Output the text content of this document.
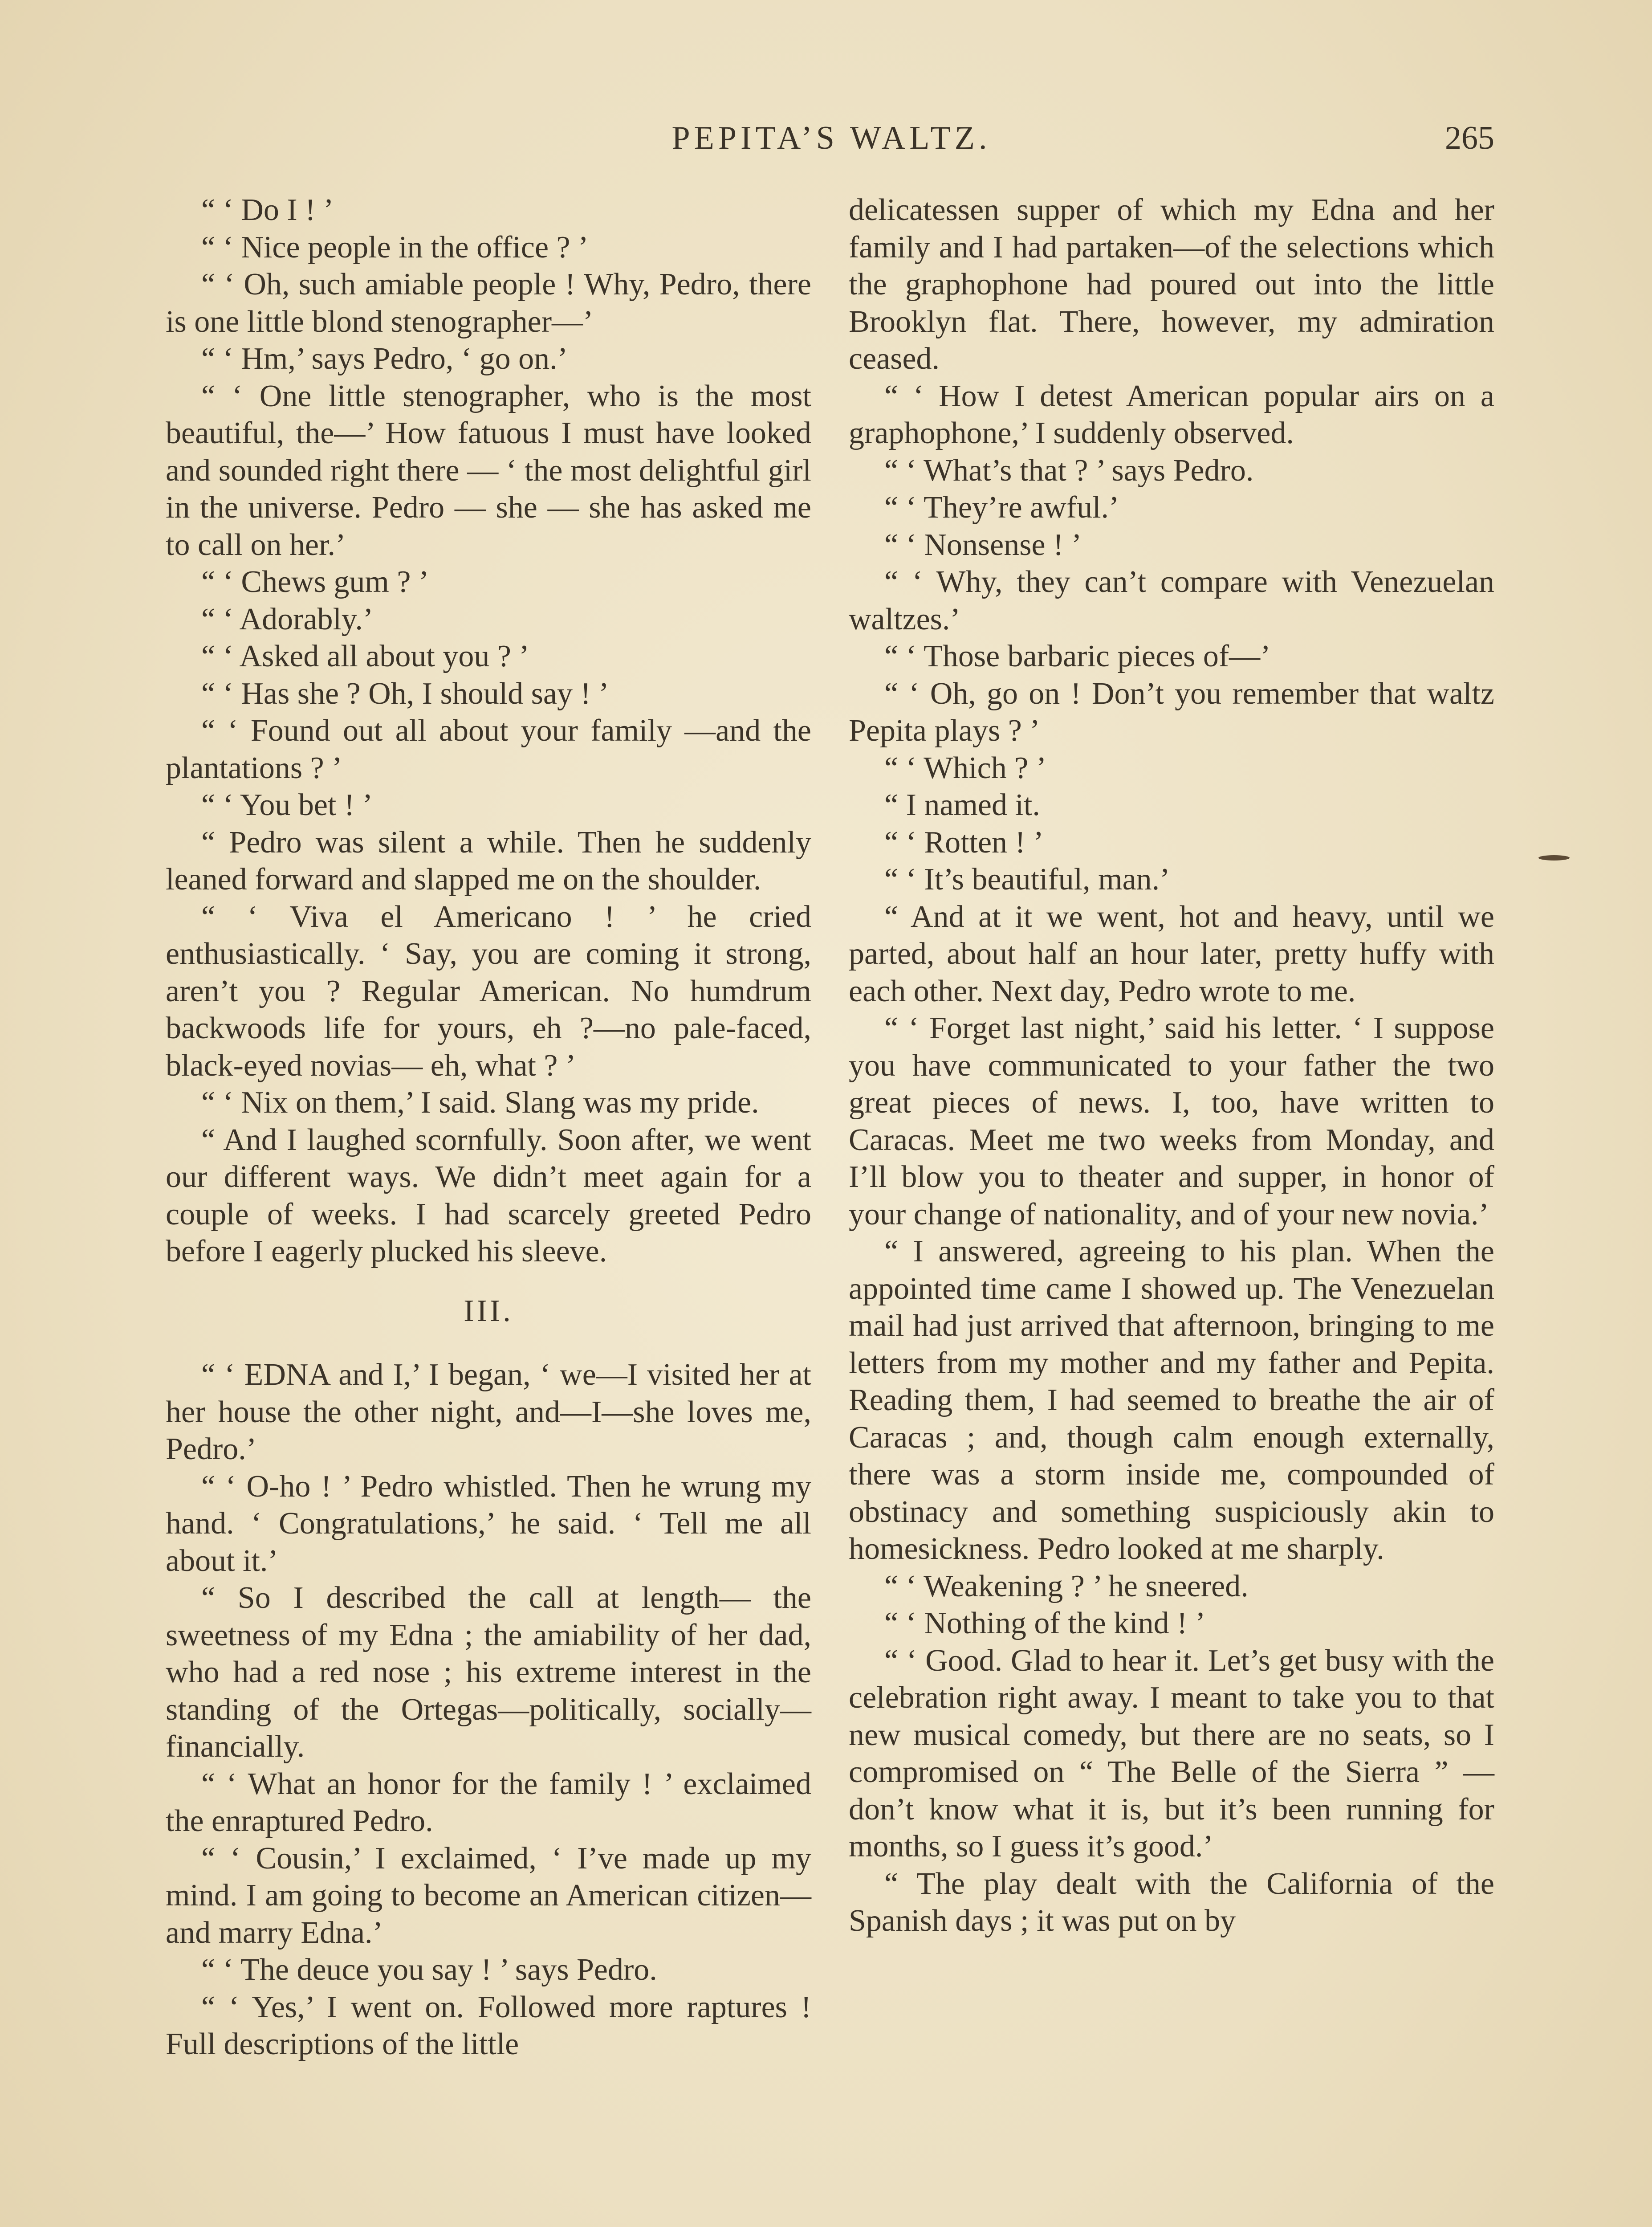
PEPITA’S WALTZ.	265

“ ‘ Do I ! ’

“ ‘ Nice people in the office ? ’

“ ‘ Oh, such amiable people ! Why, Pedro, there is one little blond stenographer—’

“ ‘ Hm,’ says Pedro, ‘ go on.’

“ ‘ One little stenographer, who is the most beautiful, the—’ How fatuous I must have looked and sounded right there — ‘ the most delightful girl in the universe. Pedro — she — she has asked me to call on her.’

“ ‘ Chews gum ? ’

“ ‘ Adorably.’

“ ‘ Asked all about you ? ’

“ ‘ Has she ? Oh, I should say ! ’

“ ‘ Found out all about your family —and the plantations ? ’

“ ‘ You bet ! ’

“ Pedro was silent a while. Then he suddenly leaned forward and slapped me on the shoulder.

“ ‘ Viva el Americano ! ’ he cried enthusiastically. ‘ Say, you are coming it strong, aren’t you ? Regular American. No humdrum backwoods life for yours, eh ?—no pale-faced, black-eyed novias— eh, what ? ’

“ ‘ Nix on them,’ I said. Slang was my pride.

“ And I laughed scornfully. Soon after, we went our different ways. We didn’t meet again for a couple of weeks. I had scarcely greeted Pedro before I eagerly plucked his sleeve.

III.

“ ‘ EDNA and I,’ I began, ‘ we—I visited her at her house the other night, and—I—she loves me, Pedro.’

“ ‘ O-ho ! ’ Pedro whistled. Then he wrung my hand. ‘ Congratulations,’ he said. ‘ Tell me all about it.’

“ So I described the call at length— the sweetness of my Edna ; the amiability of her dad, who had a red nose ; his extreme interest in the standing of the Ortegas—politically, socially—financially.

“ ‘ What an honor for the family ! ’ exclaimed the enraptured Pedro.

“ ‘ Cousin,’ I exclaimed, ‘ I’ve made up my mind. I am going to become an American citizen—and marry Edna.’

“ ‘ The deuce you say ! ’ says Pedro.

“ ‘ Yes,’ I went on. Followed more raptures ! Full descriptions of the little

delicatessen supper of which my Edna and her family and I had partaken—of the selections which the graphophone had poured out into the little Brooklyn flat. There, however, my admiration ceased.

“ ‘ How I detest American popular airs on a graphophone,’ I suddenly observed.

“ ‘ What’s that ? ’ says Pedro.

“ ‘ They’re awful.’

“ ‘ Nonsense ! ’

“ ‘ Why, they can’t compare with Venezuelan waltzes.’

“ ‘ Those barbaric pieces of—’

“ ‘ Oh, go on ! Don’t you remember that waltz Pepita plays ? ’

“ ‘ Which ? ’

“ I named it.

“ ‘ Rotten ! ’

“ ‘ It’s beautiful, man.’

“ And at it we went, hot and heavy, until we parted, about half an hour later, pretty huffy with each other. Next day, Pedro wrote to me.

“ ‘ Forget last night,’ said his letter. ‘ I suppose you have communicated to your father the two great pieces of news. I, too, have written to Caracas. Meet me two weeks from Monday, and I’ll blow you to theater and supper, in honor of your change of nationality, and of your new novia.’

“ I answered, agreeing to his plan. When the appointed time came I showed up. The Venezuelan mail had just arrived that afternoon, bringing to me letters from my mother and my father and Pepita. Reading them, I had seemed to breathe the air of Caracas ; and, though calm enough externally, there was a storm inside me, compounded of obstinacy and something suspiciously akin to homesickness. Pedro looked at me sharply.

“ ‘ Weakening ? ’ he sneered.

“ ‘ Nothing of the kind ! ’

“ ‘ Good. Glad to hear it. Let’s get busy with the celebration right away. I meant to take you to that new musical comedy, but there are no seats, so I compromised on “ The Belle of the Sierra ” —don’t know what it is, but it’s been running for months, so I guess it’s good.’

“ The play dealt with the California of the Spanish days ; it was put on by
